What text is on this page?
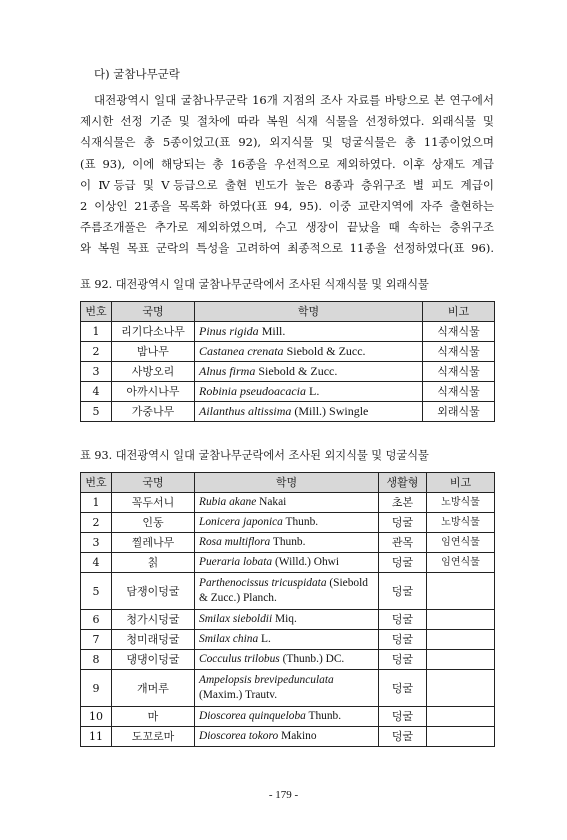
다) 굴참나무군락
대전광역시 일대 굴참나무군락 16개 지점의 조사 자료를 바탕으로 본 연구에서
제시한 선정 기준 및 절차에 따라 복원 식재 식물을 선정하였다. 외래식물 및
식재식물은 총 5종이었고(표 92), 외지식물 및 덩굴식물은 총 11종이었으며
(표 93), 이에 해당되는 총 16종을 우선적으로 제외하였다. 이후 상재도 계급
이 Ⅳ등급 및 Ⅴ등급으로 출현 빈도가 높은 8종과 층위구조 별 피도 계급이
2 이상인 21종을 목록화 하였다(표 94, 95). 이중 교란지역에 자주 출현하는
주름조개풀은 추가로 제외하였으며, 수고 생장이 끝났을 때 속하는 층위구조
와 복원 목표 군락의 특성을 고려하여 최종적으로 11종을 선정하였다(표 96).
표 92. 대전광역시 일대 굴참나무군락에서 조사된 식재식물 및 외래식물
번호	국명	학명	비고
1	리기다소나무	Pinus rigida Mill.	식재식물
2	밤나무	Castanea crenata Siebold & Zucc.	식재식물
3	사방오리	Alnus firma Siebold & Zucc.	식재식물
4	아까시나무	Robinia pseudoacacia L.	식재식물
5	가중나무	Ailanthus altissima (Mill.) Swingle	외래식물
표 93. 대전광역시 일대 굴참나무군락에서 조사된 외지식물 및 덩굴식물
번호	국명	학명	생활형	비고
1	꼭두서니	Rubia akane Nakai	초본	노방식물
2	인동	Lonicera japonica Thunb.	덩굴	노방식물
3	찔레나무	Rosa multiflora Thunb.	관목	임연식물
4	칡	Pueraria lobata (Willd.) Ohwi	덩굴	임연식물
5	담쟁이덩굴	Parthenocissus tricuspidata (Siebold & Zucc.) Planch.	덩굴	
6	청가시덩굴	Smilax sieboldii Miq.	덩굴	
7	청미래덩굴	Smilax china L.	덩굴	
8	댕댕이덩굴	Cocculus trilobus (Thunb.) DC.	덩굴	
9	개머루	Ampelopsis brevipedunculata (Maxim.) Trautv.	덩굴	
10	마	Dioscorea quinqueloba Thunb.	덩굴	
11	도꼬로마	Dioscorea tokoro Makino	덩굴	
- 179 -
